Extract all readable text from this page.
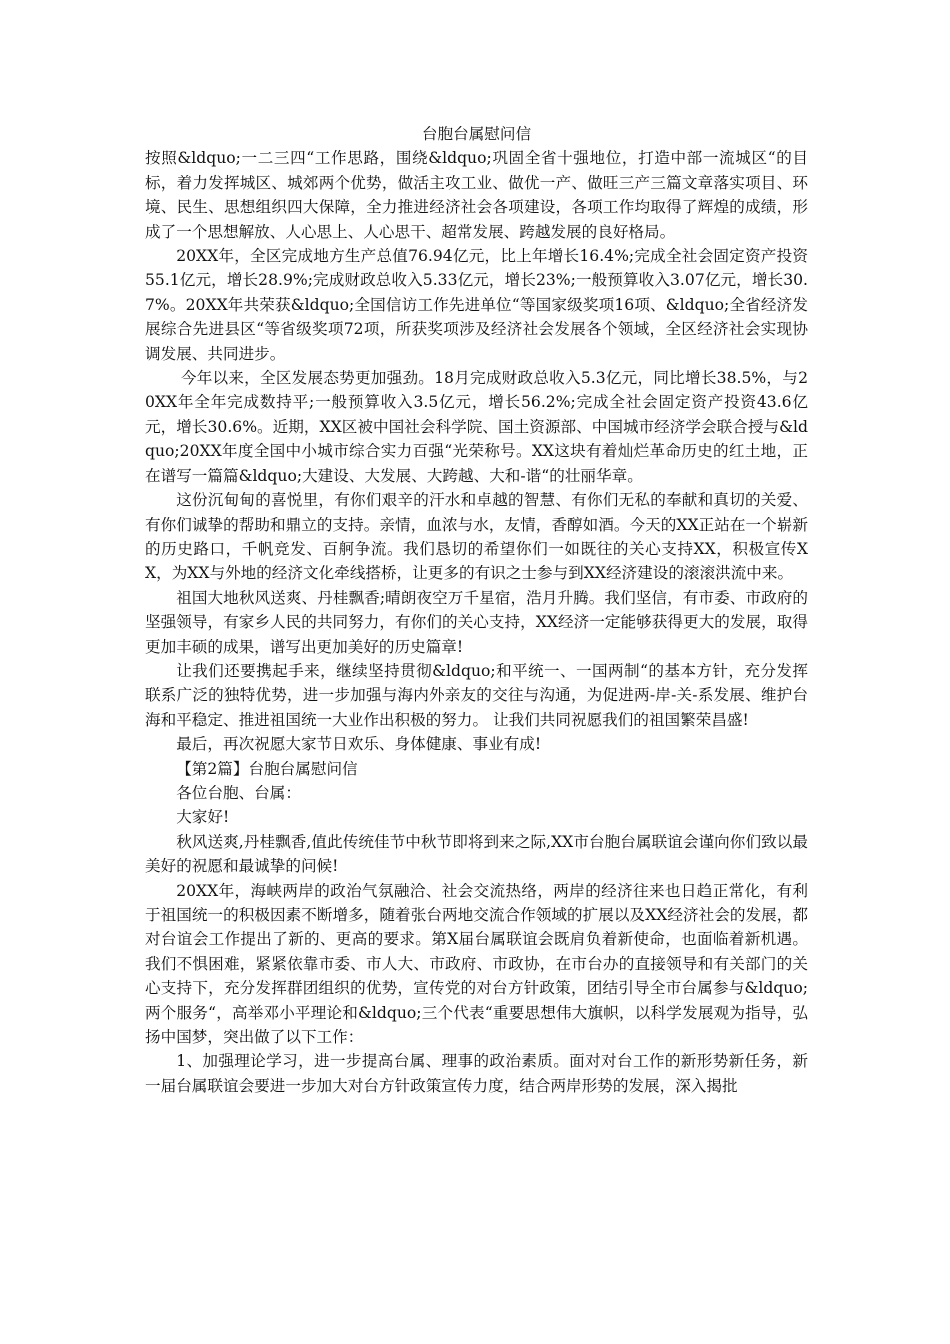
台胞台属慰问信

按照&ldquo;一二三四“工作思路，围绕&ldquo;巩固全省十强地位，打造中部一流城区“的目标，着力发挥城区、城郊两个优势，做活主攻工业、做优一产、做旺三产三篇文章落实项目、环境、民生、思想组织四大保障，全力推进经济社会各项建设，各项工作均取得了辉煌的成绩，形成了一个思想解放、人心思上、人心思干、超常发展、跨越发展的良好格局。

20XX年，全区完成地方生产总值76.94亿元，比上年增长16.4%;完成全社会固定资产投资55.1亿元，增长28.9%;完成财政总收入5.33亿元，增长23%;一般预算收入3.07亿元，增长30.7%。20XX年共荣获&ldquo;全国信访工作先进单位“等国家级奖项16项、&ldquo;全省经济发展综合先进县区“等省级奖项72项，所获奖项涉及经济社会发展各个领域，全区经济社会实现协调发展、共同进步。

今年以来，全区发展态势更加强劲。18月完成财政总收入5.3亿元，同比增长38.5%，与20XX年全年完成数持平;一般预算收入3.5亿元，增长56.2%;完成全社会固定资产投资43.6亿元，增长30.6%。近期，XX区被中国社会科学院、国土资源部、中国城市经济学会联合授与&ldquo;20XX年度全国中小城市综合实力百强“光荣称号。XX这块有着灿烂革命历史的红土地，正在谱写一篇篇&ldquo;大建设、大发展、大跨越、大和-谐“的壮丽华章。

这份沉甸甸的喜悦里，有你们艰辛的汗水和卓越的智慧、有你们无私的奉献和真切的关爱、有你们诚挚的帮助和鼎立的支持。亲情，血浓与水，友情，香醇如酒。今天的XX正站在一个崭新的历史路口，千帆竞发、百舸争流。我们恳切的希望你们一如既往的关心支持XX，积极宣传XX，为XX与外地的经济文化牵线搭桥，让更多的有识之士参与到XX经济建设的滚滚洪流中来。

祖国大地秋风送爽、丹桂飘香;晴朗夜空万千星宿，浩月升腾。我们坚信，有市委、市政府的坚强领导，有家乡人民的共同努力，有你们的关心支持，XX经济一定能够获得更大的发展，取得更加丰硕的成果，谱写出更加美好的历史篇章!

让我们还要携起手来，继续坚持贯彻&ldquo;和平统一、一国两制“的基本方针，充分发挥联系广泛的独特优势，进一步加强与海内外亲友的交往与沟通，为促进两-岸-关-系发展、维护台海和平稳定、推进祖国统一大业作出积极的努力。 让我们共同祝愿我们的祖国繁荣昌盛!

最后，再次祝愿大家节日欢乐、身体健康、事业有成!

【第2篇】台胞台属慰问信

各位台胞、台属：

大家好!

秋风送爽,丹桂飘香,值此传统佳节中秋节即将到来之际,XX市台胞台属联谊会谨向你们致以最美好的祝愿和最诚挚的问候!

20XX年，海峡两岸的政治气氛融洽、社会交流热络，两岸的经济往来也日趋正常化，有利于祖国统一的积极因素不断增多，随着张台两地交流合作领域的扩展以及XX经济社会的发展，都对台谊会工作提出了新的、更高的要求。第X届台属联谊会既肩负着新使命，也面临着新机遇。我们不惧困难，紧紧依靠市委、市人大、市政府、市政协，在市台办的直接领导和有关部门的关心支持下，充分发挥群团组织的优势，宣传党的对台方针政策，团结引导全市台属参与&ldquo;两个服务“，高举邓小平理论和&ldquo;三个代表“重要思想伟大旗帜，以科学发展观为指导，弘扬中国梦，突出做了以下工作：

1、加强理论学习，进一步提高台属、理事的政治素质。面对对台工作的新形势新任务，新一届台属联谊会要进一步加大对台方针政策宣传力度，结合两岸形势的发展，深入揭批
